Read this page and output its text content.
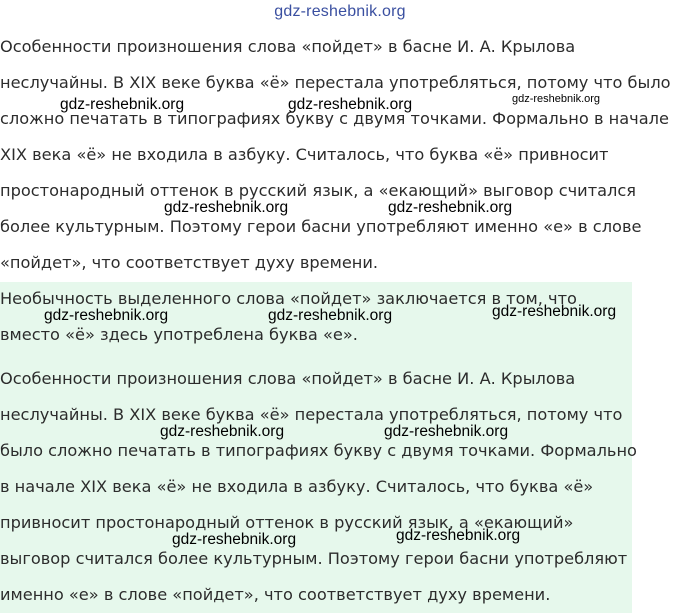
gdz-reshebnik.org
Особенности произношения слова «пойдет» в басне И. А. Крылова
неслучайны. В XIX веке буква «ё» перестала употребляться, потому что было
сложно печатать в типографиях букву с двумя точками. Формально в начале
XIX века «ё» не входила в азбуку. Считалось, что буква «ё» привносит
простонародный оттенок в русский язык, а «екающий» выговор считался
более культурным. Поэтому герои басни употребляют именно «е» в слове
«пойдет», что соответствует духу времени.
Необычность выделенного слова «пойдет» заключается в том, что
вместо «ё» здесь употреблена буква «е».
Особенности произношения слова «пойдет» в басне И. А. Крылова
неслучайны. В XIX веке буква «ё» перестала употребляться, потому что
было сложно печатать в типографиях букву с двумя точками. Формально
в начале XIX века «ё» не входила в азбуку. Считалось, что буква «ё»
привносит простонародный оттенок в русский язык, а «екающий»
выговор считался более культурным. Поэтому герои басни употребляют
именно «е» в слове «пойдет», что соответствует духу времени.
gdz-reshebnik.org	gdz-reshebnik.org	gdz-reshebnik.org
gdz-reshebnik.org	gdz-reshebnik.org
gdz-reshebnik.org	gdz-reshebnik.org	gdz-reshebnik.org
gdz-reshebnik.org	gdz-reshebnik.org
gdz-reshebnik.org	gdz-reshebnik.org
